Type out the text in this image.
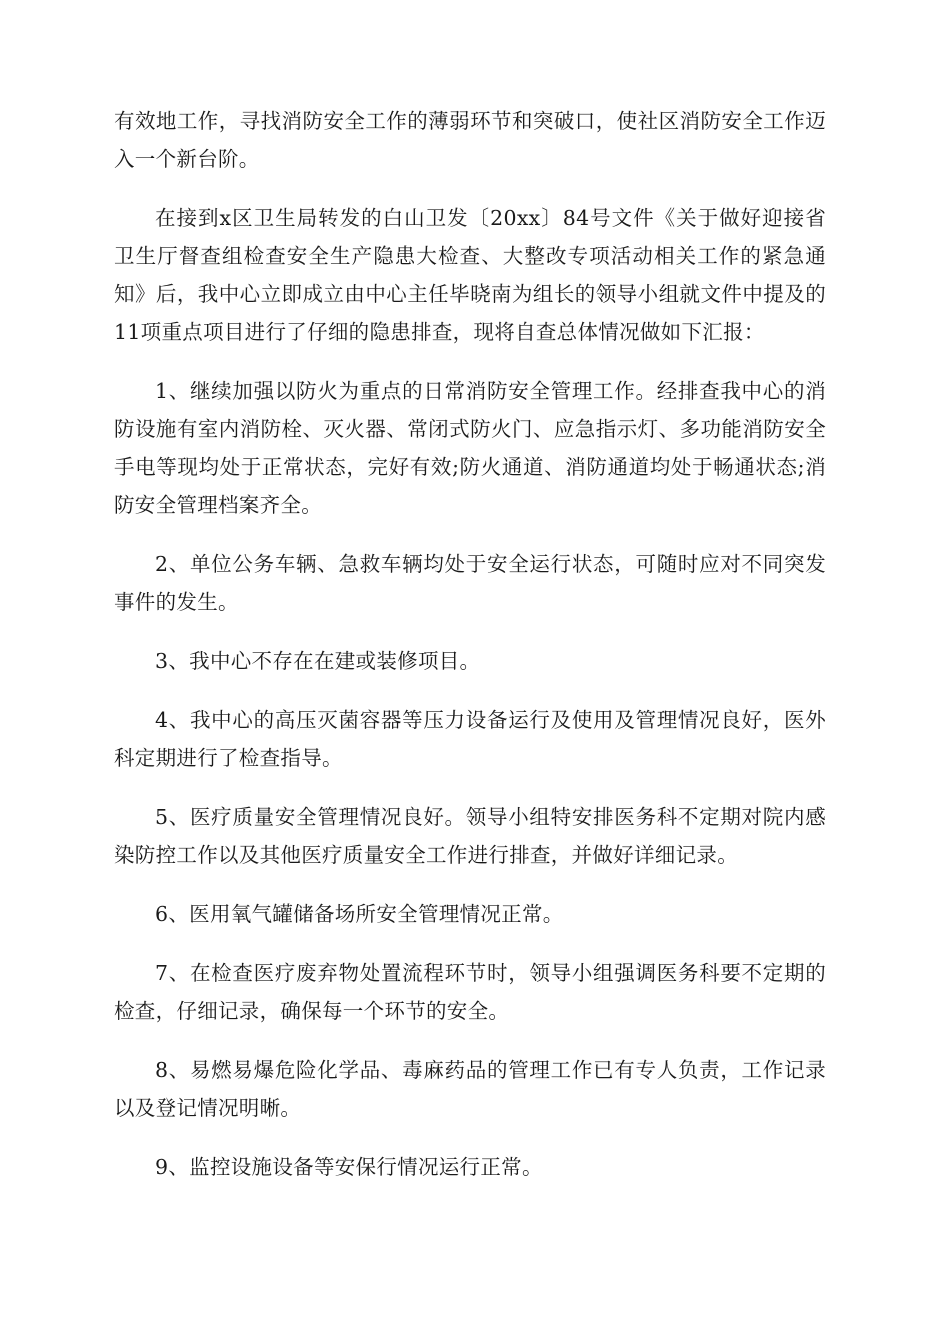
有效地工作，寻找消防安全工作的薄弱环节和突破口，使社区消防安全工作迈入一个新台阶。

在接到x区卫生局转发的白山卫发〔20xx〕84号文件《关于做好迎接省卫生厅督查组检查安全生产隐患大检查、大整改专项活动相关工作的紧急通知》后，我中心立即成立由中心主任毕晓南为组长的领导小组就文件中提及的11项重点项目进行了仔细的隐患排查，现将自查总体情况做如下汇报：

1、继续加强以防火为重点的日常消防安全管理工作。经排查我中心的消防设施有室内消防栓、灭火器、常闭式防火门、应急指示灯、多功能消防安全手电等现均处于正常状态，完好有效;防火通道、消防通道均处于畅通状态;消防安全管理档案齐全。

2、单位公务车辆、急救车辆均处于安全运行状态，可随时应对不同突发事件的发生。

3、我中心不存在在建或装修项目。

4、我中心的高压灭菌容器等压力设备运行及使用及管理情况良好，医外科定期进行了检查指导。

5、医疗质量安全管理情况良好。领导小组特安排医务科不定期对院内感染防控工作以及其他医疗质量安全工作进行排查，并做好详细记录。

6、医用氧气罐储备场所安全管理情况正常。

7、在检查医疗废弃物处置流程环节时，领导小组强调医务科要不定期的检查，仔细记录，确保每一个环节的安全。

8、易燃易爆危险化学品、毒麻药品的管理工作已有专人负责，工作记录以及登记情况明晰。

9、监控设施设备等安保行情况运行正常。
